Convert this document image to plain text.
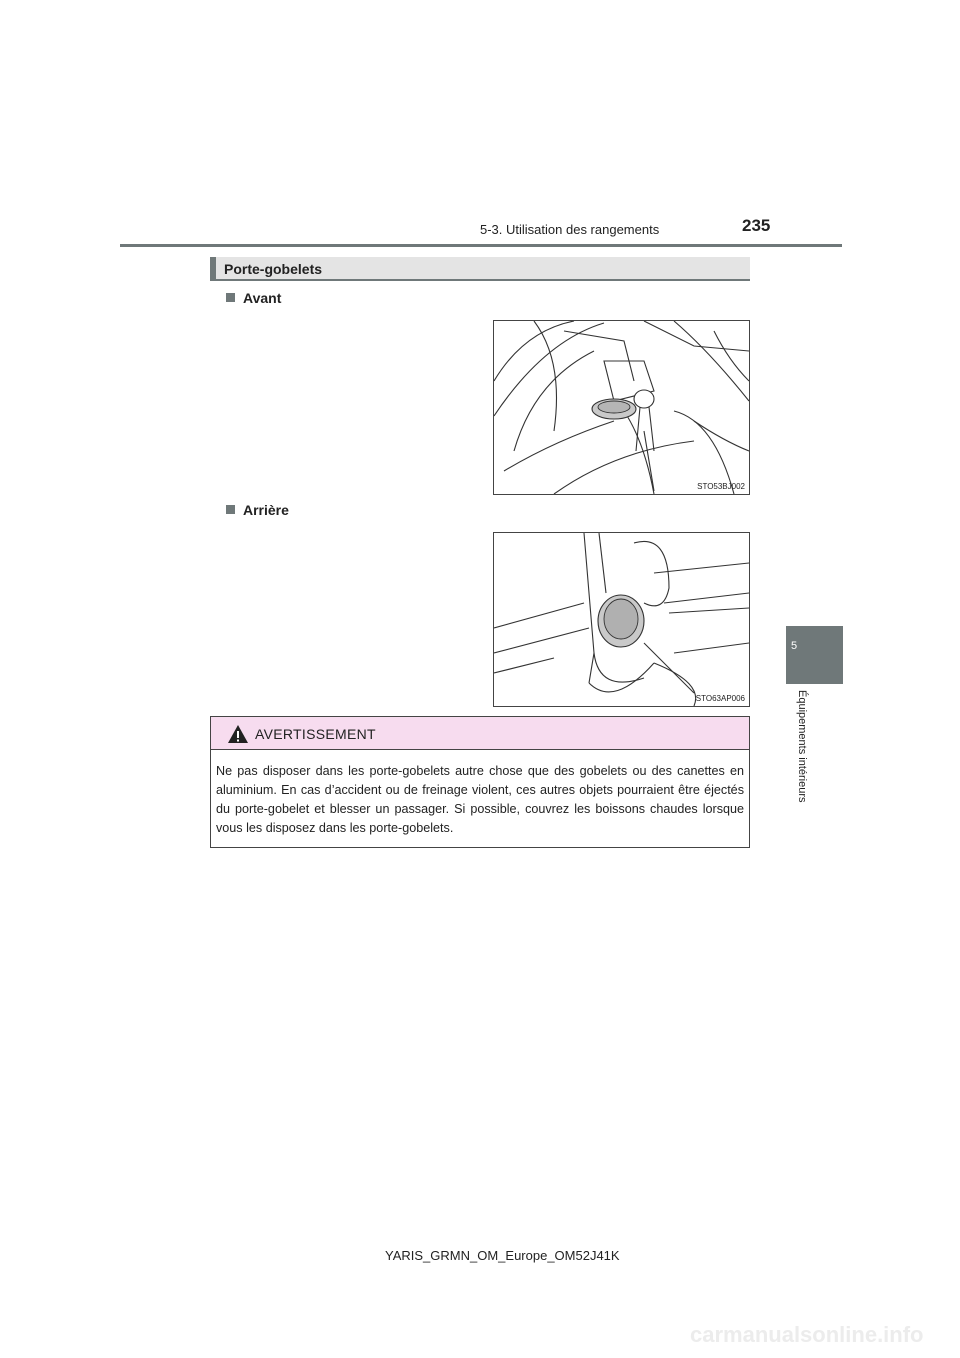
5-3. Utilisation des rangements	235
5
Équipements intérieurs
Porte-gobelets
Avant
STO53BJ002
Arrière
STO63AP006
AVERTISSEMENT
Ne pas disposer dans les porte-gobelets autre chose que des gobelets ou des canettes en aluminium. En cas d’accident ou de freinage violent, ces autres objets pourraient être éjectés du porte-gobelet et blesser un passager. Si possible, couvrez les boissons chaudes lorsque vous les disposez dans les porte-gobelets.
YARIS_GRMN_OM_Europe_OM52J41K
carmanualsonline.info
